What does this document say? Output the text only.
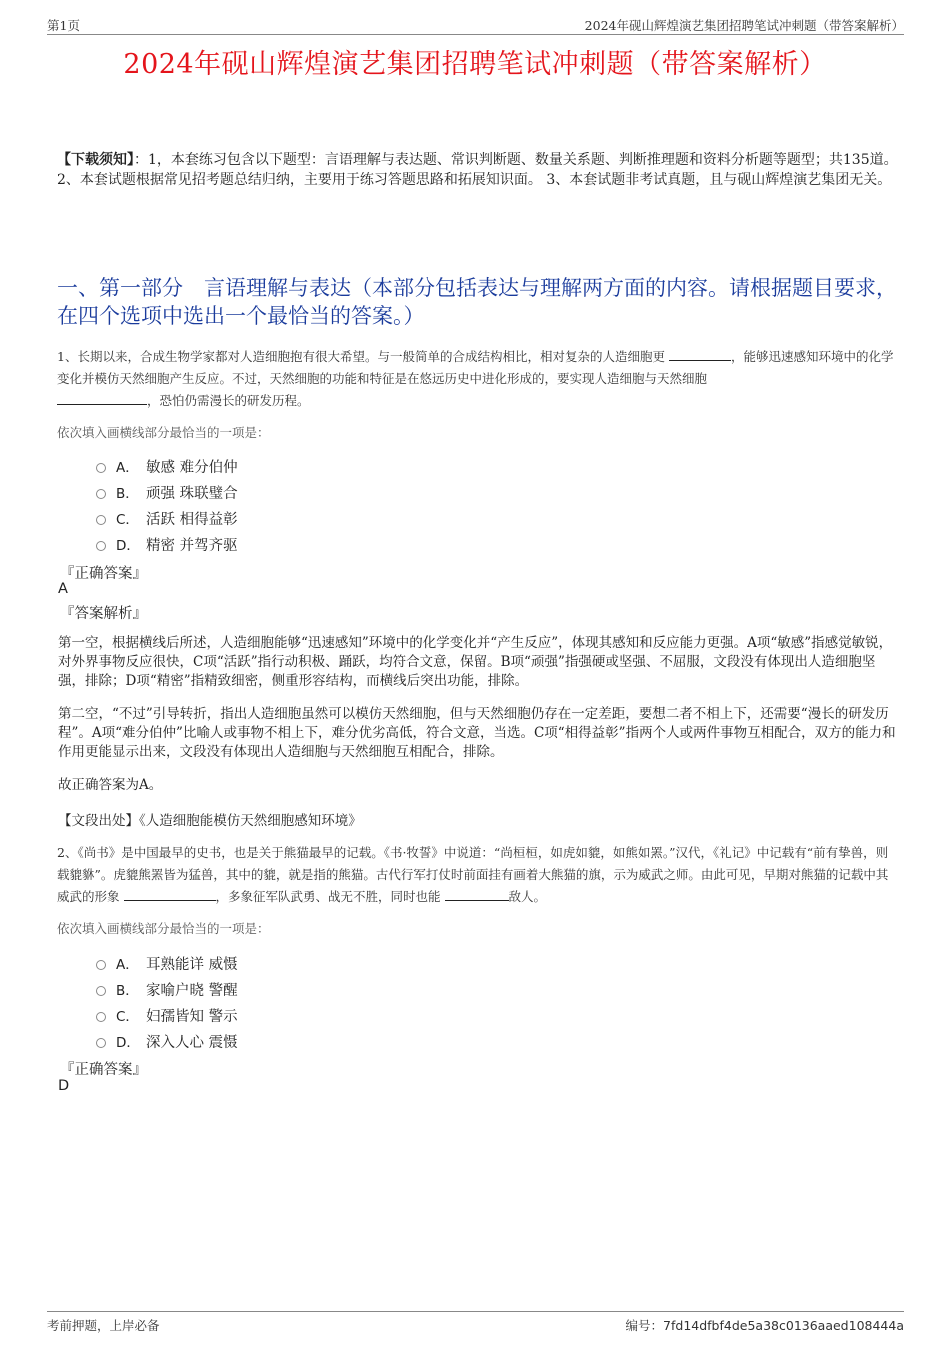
第1页	2024年砚山辉煌演艺集团招聘笔试冲刺题（带答案解析）
2024年砚山辉煌演艺集团招聘笔试冲刺题（带答案解析）
【下载须知】：1，本套练习包含以下题型：言语理解与表达题、常识判断题、数量关系题、判断推理题和资料分析题等题型；共135道。 2、本套试题根据常见招考题总结归纳，主要用于练习答题思路和拓展知识面。 3、本套试题非考试真题，且与砚山辉煌演艺集团无关。
一、第一部分　言语理解与表达（本部分包括表达与理解两方面的内容。请根据题目要求，在四个选项中选出一个最恰当的答案。）
1、长期以来，合成生物学家都对人造细胞抱有很大希望。与一般简单的合成结构相比，相对复杂的人造细胞更	，能够迅速感知环境中的化学变化并模仿天然细胞产生反应。不过，天然细胞的功能和特征是在悠远历史中进化形成的，要实现人造细胞与天然细胞
，恐怕仍需漫长的研发历程。
依次填入画横线部分最恰当的一项是：
A． 敏感 难分伯仲
B． 顽强 珠联璧合
C． 活跃 相得益彰
D． 精密 并驾齐驱
『正确答案』
A
『答案解析』
第一空，根据横线后所述，人造细胞能够“迅速感知”环境中的化学变化并“产生反应”，体现其感知和反应能力更强。A项“敏感”指感觉敏锐，对外界事物反应很快，C项“活跃”指行动积极、踊跃，均符合文意，保留。B项“顽强”指强硬或坚强、不屈服，文段没有体现出人造细胞坚强，排除；D项“精密”指精致细密，侧重形容结构，而横线后突出功能，排除。
第二空，“不过”引导转折，指出人造细胞虽然可以模仿天然细胞，但与天然细胞仍存在一定差距，要想二者不相上下，还需要“漫长的研发历程”。A项“难分伯仲”比喻人或事物不相上下，难分优劣高低，符合文意，当选。C项“相得益彰”指两个人或两件事物互相配合，双方的能力和作用更能显示出来，文段没有体现出人造细胞与天然细胞互相配合，排除。
故正确答案为A。
【文段出处】《人造细胞能模仿天然细胞感知环境》
2、《尚书》是中国最早的史书，也是关于熊猫最早的记载。《书·牧誓》中说道：“尚桓桓，如虎如貔，如熊如罴。”汉代，《礼记》中记载有“前有挚兽，则载貔貅”。虎貔熊罴皆为猛兽，其中的貔，就是指的熊猫。古代行军打仗时前面挂有画着大熊猫的旗，示为威武之师。由此可见，早期对熊猫的记载中其威武的形象	，多象征军队武勇、战无不胜，同时也能	敌人。
依次填入画横线部分最恰当的一项是：
A． 耳熟能详 威慑
B． 家喻户晓 警醒
C． 妇孺皆知 警示
D． 深入人心 震慑
『正确答案』
D
考前押题，上岸必备	编号：7fd14dfbf4de5a38c0136aaed108444a
